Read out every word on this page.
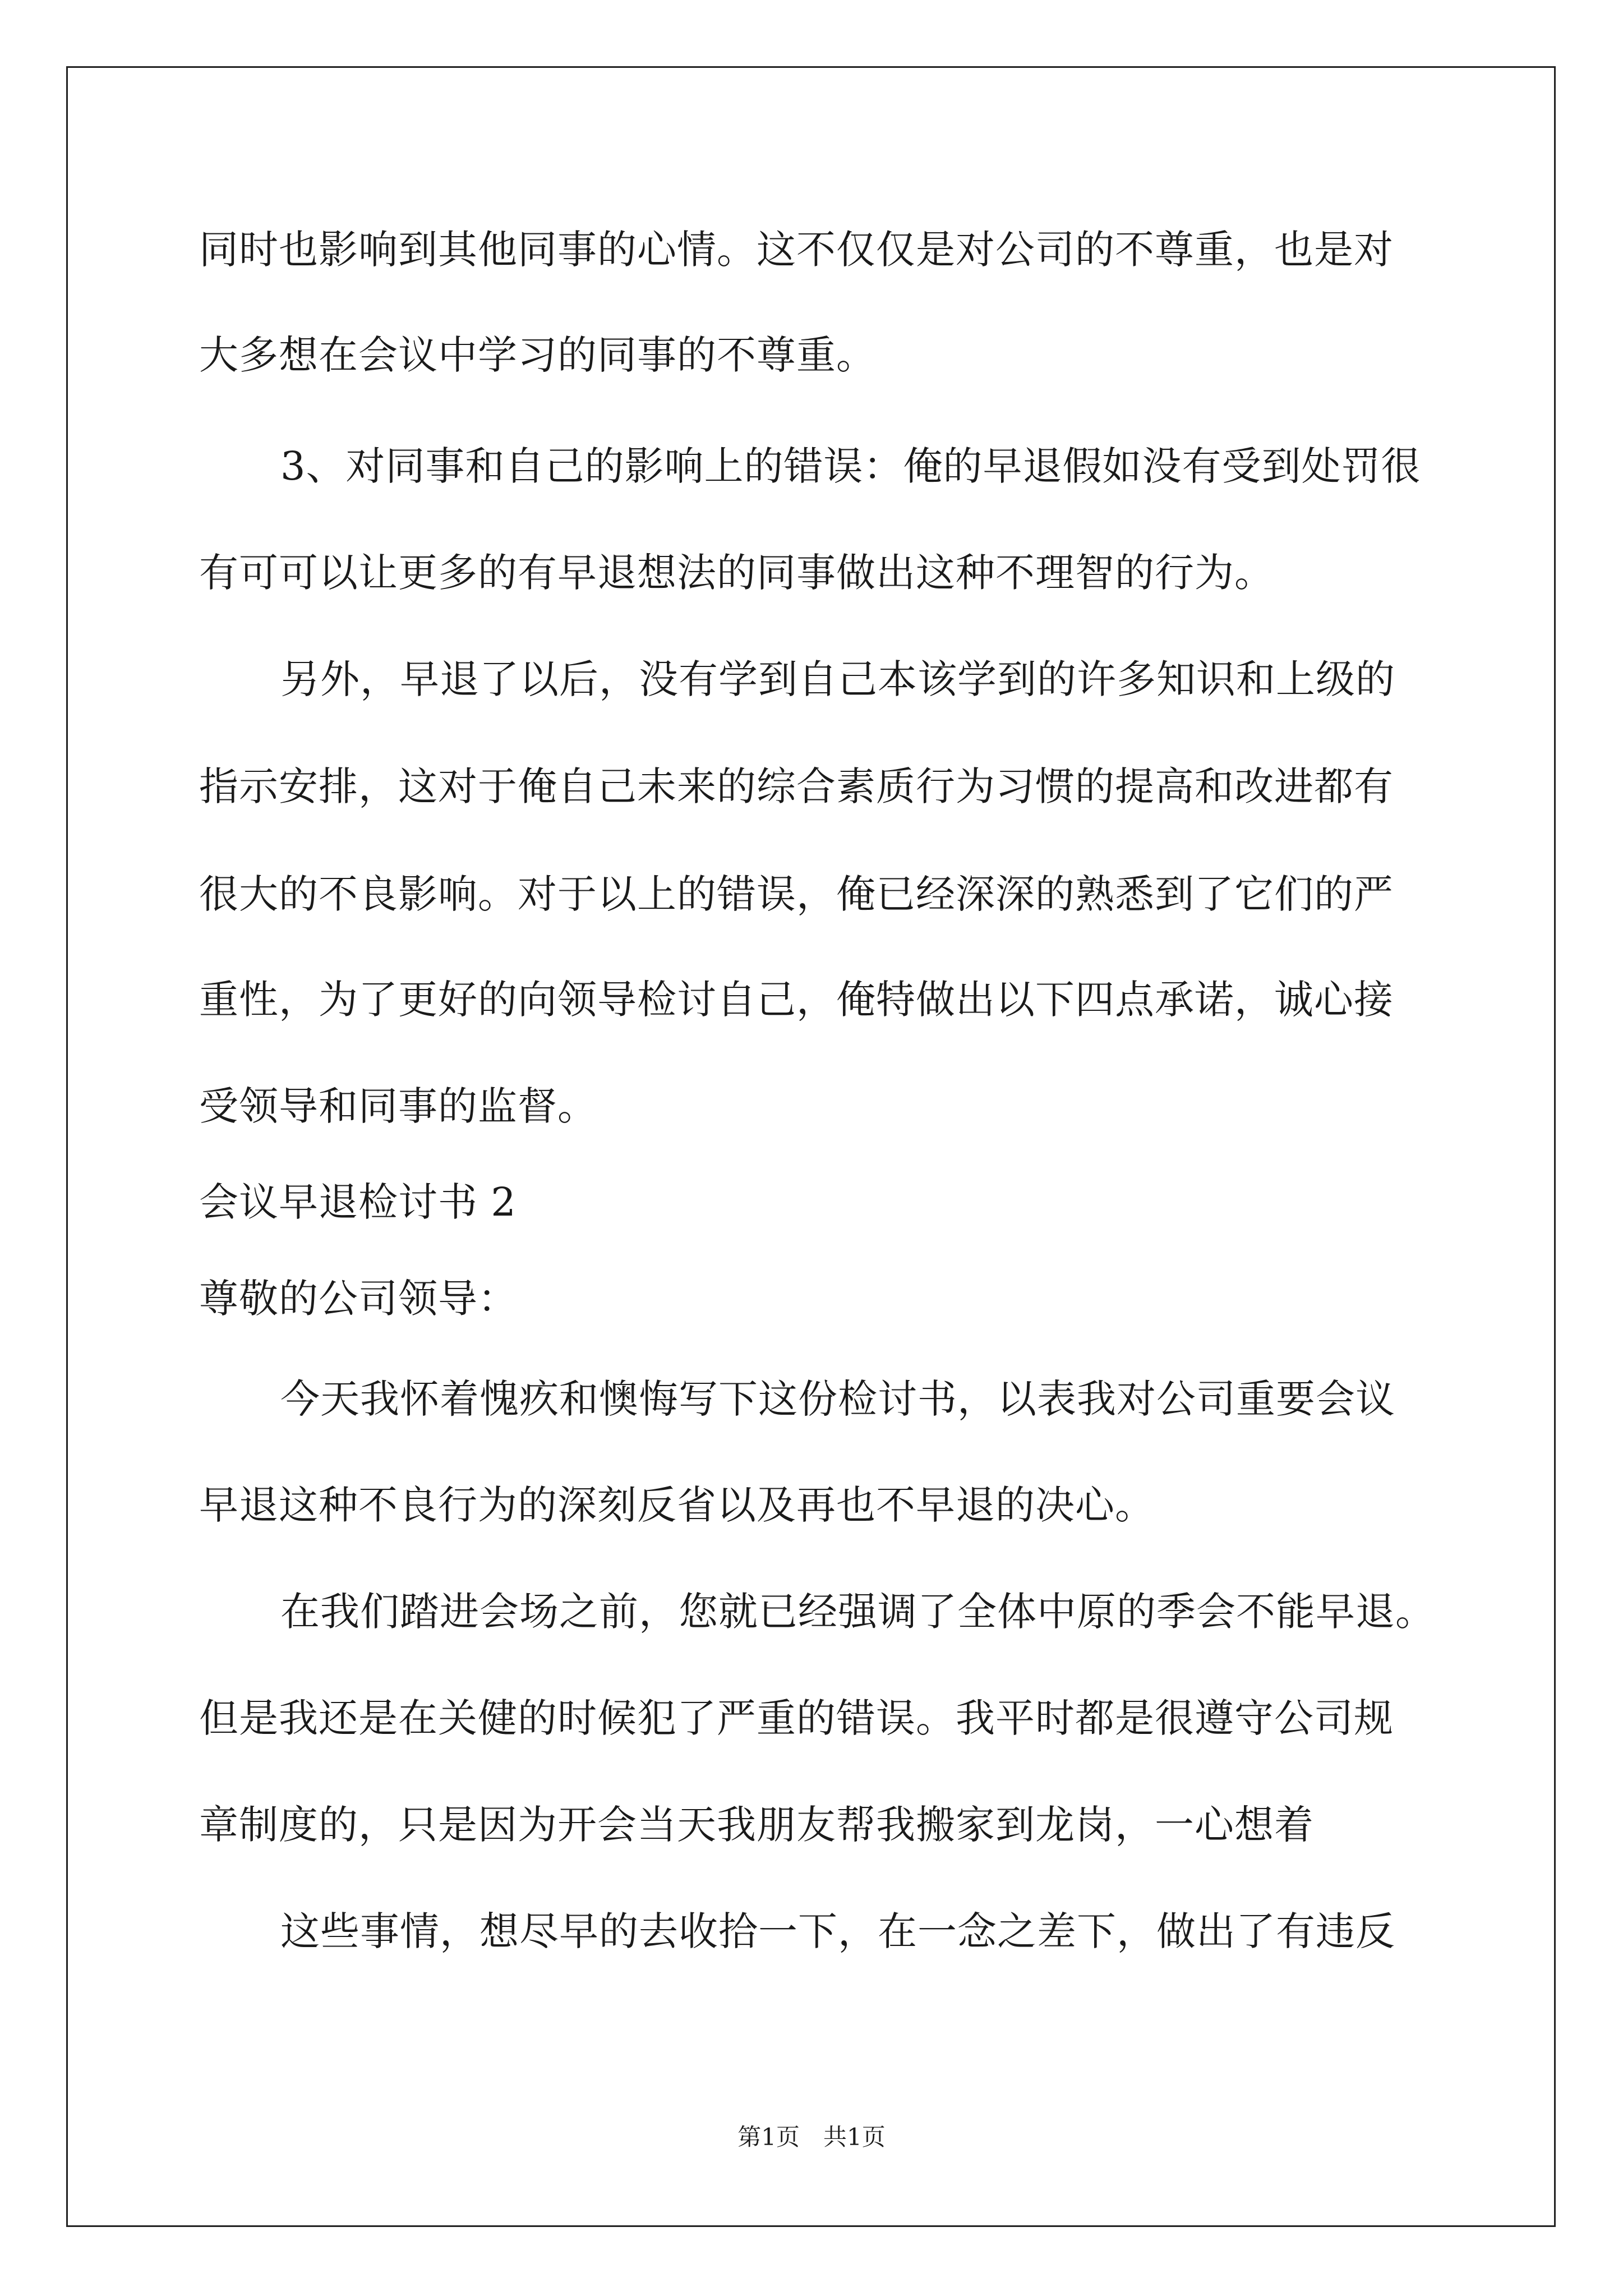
同时也影响到其他同事的心情。这不仅仅是对公司的不尊重，也是对
大多想在会议中学习的同事的不尊重。
3、对同事和自己的影响上的错误：俺的早退假如没有受到处罚很
有可可以让更多的有早退想法的同事做出这种不理智的行为。
另外，早退了以后，没有学到自己本该学到的许多知识和上级的
指示安排，这对于俺自己未来的综合素质行为习惯的提高和改进都有
很大的不良影响。对于以上的错误，俺已经深深的熟悉到了它们的严
重性，为了更好的向领导检讨自己，俺特做出以下四点承诺，诚心接
受领导和同事的监督。
会议早退检讨书 2
尊敬的公司领导：
今天我怀着愧疚和懊悔写下这份检讨书，以表我对公司重要会议
早退这种不良行为的深刻反省以及再也不早退的决心。
在我们踏进会场之前，您就已经强调了全体中原的季会不能早退。
但是我还是在关健的时候犯了严重的错误。我平时都是很遵守公司规
章制度的，只是因为开会当天我朋友帮我搬家到龙岗，一心想着
这些事情，想尽早的去收拾一下，在一念之差下，做出了有违反
第1页　共1页
